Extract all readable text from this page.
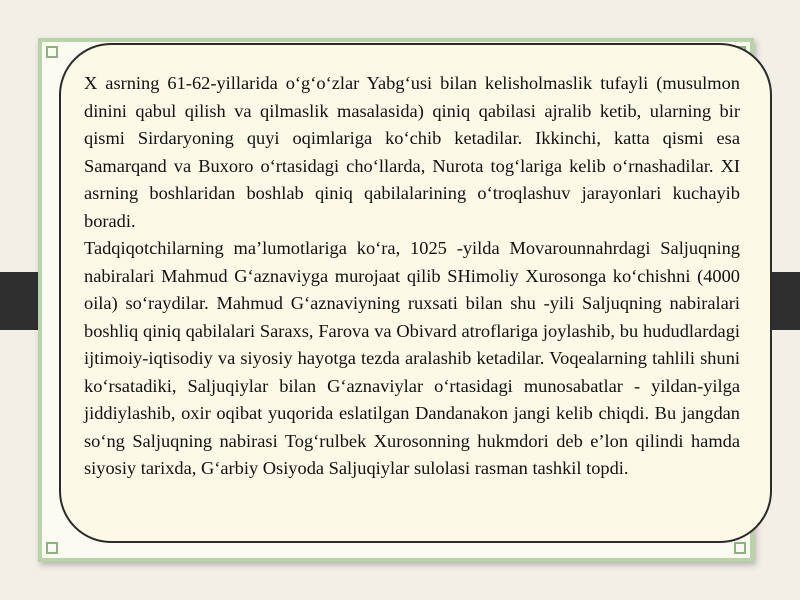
X asrning 61-62-yillarida o‘g‘o‘zlar Yabg‘usi bilan kelisholmaslik tufayli (musulmon dinini qabul qilish va qilmaslik masalasida) qiniq qabilasi ajralib ketib, ularning bir qismi Sirdaryoning quyi oqimlariga ko‘chib ketadilar. Ikkinchi, katta qismi esa Samarqand va Buxoro o‘rtasidagi cho‘llarda, Nurota tog‘lariga kelib o‘rnashadilar. XI asrning boshlaridan boshlab qiniq qabilalarining o‘troqlashuv jarayonlari kuchayib boradi.

Tadqiqotchilarning ma’lumotlariga ko‘ra, 1025 -yilda Movarounnahrdagi Saljuqning nabiralari Mahmud G‘aznaviyga murojaat qilib SHimoliy Xurosonga ko‘chishni (4000 oila) so‘raydilar. Mahmud G‘aznaviyning ruxsati bilan shu -yili Saljuqning nabiralari boshliq qiniq qabilalari Saraxs, Farova va Obivard atroflariga joylashib, bu hududlardagi ijtimoiy-iqtisodiy va siyosiy hayotga tezda aralashib ketadilar. Voqealarning tahlili shuni ko‘rsatadiki, Saljuqiylar bilan G‘aznaviylar o‘rtasidagi munosabatlar - yildan-yilga jiddiylashib, oxir oqibat yuqorida eslatilgan Dandanakon jangi kelib chiqdi. Bu jangdan so‘ng Saljuqning nabirasi Tog‘rulbek Xurosonning hukmdori deb e’lon qilindi hamda siyosiy tarixda, G‘arbiy Osiyoda Saljuqiylar sulolasi rasman tashkil topdi.
